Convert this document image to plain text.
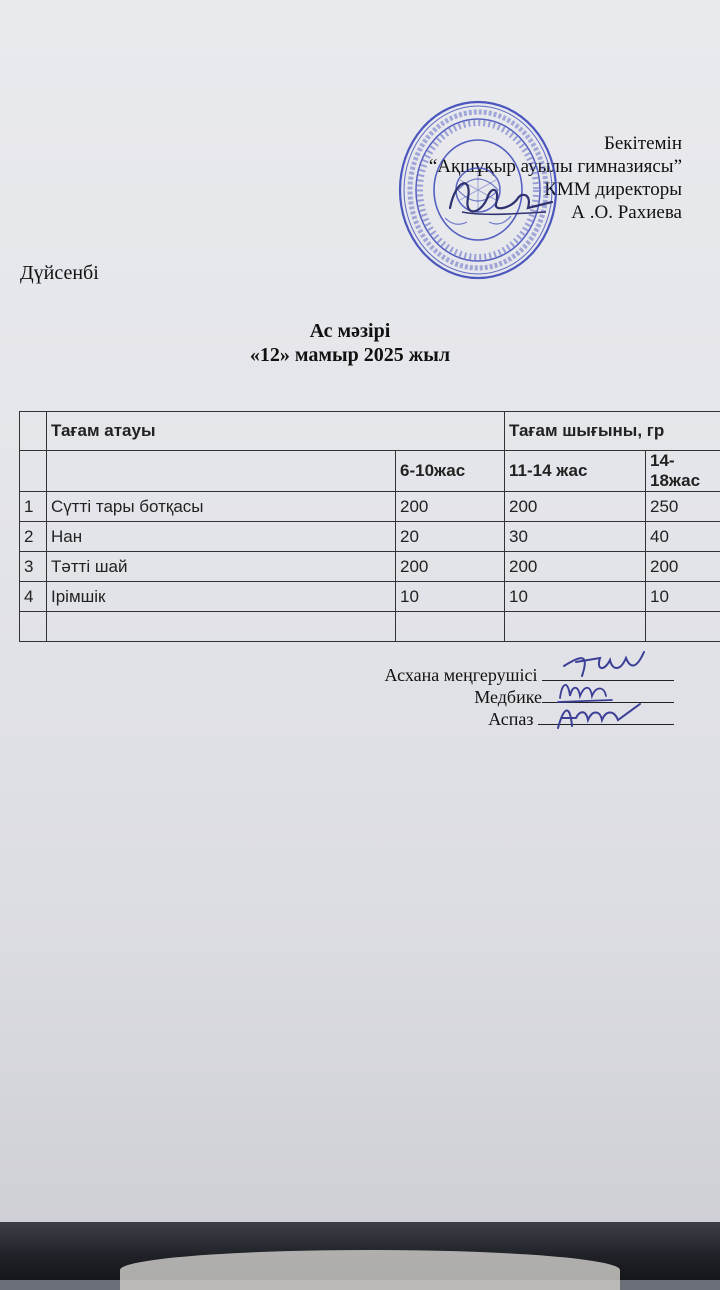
Бекітемін
“Ақшұқыр ауылы гимназиясы”
КММ директоры
А .О. Рахиева
Дүйсенбі
Ас мәзірі
«12» мамыр 2025 жыл
	Тағам атауы		Тағам шығыны, гр	
		6-10жас	11-14 жас	14-18жас
1	Сүтті тары ботқасы	200	200	250
2	Нан	20	30	40
3	Тәтті шай	200	200	200
4	Ірімшік	10	10	10

Асхана меңгерушісі
Медбике
Аспаз
